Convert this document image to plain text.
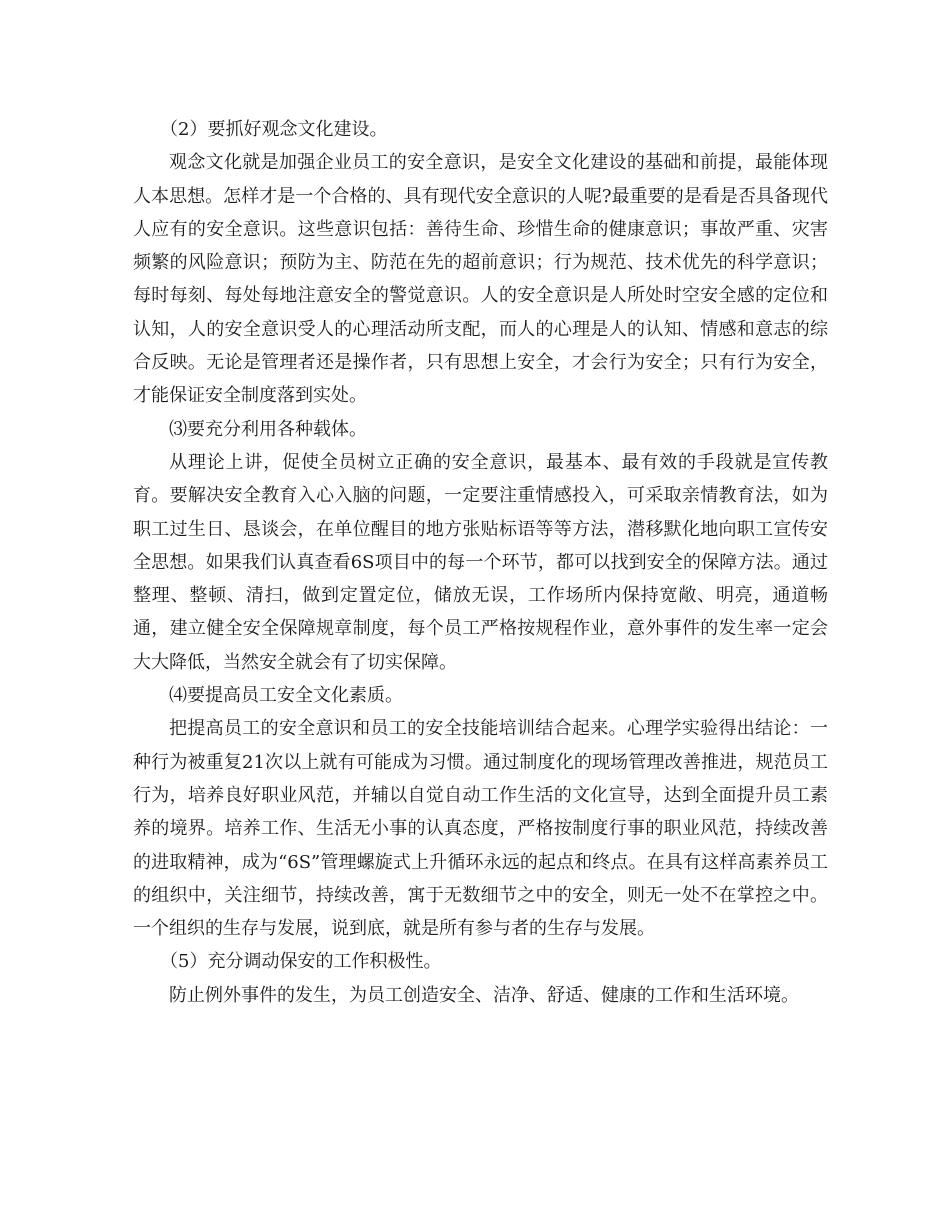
（2）要抓好观念文化建设。

观念文化就是加强企业员工的安全意识，是安全文化建设的基础和前提，最能体现人本思想。怎样才是一个合格的、具有现代安全意识的人呢?最重要的是看是否具备现代人应有的安全意识。这些意识包括：善待生命、珍惜生命的健康意识；事故严重、灾害频繁的风险意识；预防为主、防范在先的超前意识；行为规范、技术优先的科学意识；每时每刻、每处每地注意安全的警觉意识。人的安全意识是人所处时空安全感的定位和认知，人的安全意识受人的心理活动所支配，而人的心理是人的认知、情感和意志的综合反映。无论是管理者还是操作者，只有思想上安全，才会行为安全；只有行为安全，才能保证安全制度落到实处。

⑶要充分利用各种载体。

从理论上讲，促使全员树立正确的安全意识，最基本、最有效的手段就是宣传教育。要解决安全教育入心入脑的问题，一定要注重情感投入，可采取亲情教育法，如为职工过生日、恳谈会，在单位醒目的地方张贴标语等等方法，潜移默化地向职工宣传安全思想。如果我们认真查看6S项目中的每一个环节，都可以找到安全的保障方法。通过整理、整顿、清扫，做到定置定位，储放无误，工作场所内保持宽敞、明亮，通道畅通，建立健全安全保障规章制度，每个员工严格按规程作业，意外事件的发生率一定会大大降低，当然安全就会有了切实保障。

⑷要提高员工安全文化素质。

把提高员工的安全意识和员工的安全技能培训结合起来。心理学实验得出结论：一种行为被重复21次以上就有可能成为习惯。通过制度化的现场管理改善推进，规范员工行为，培养良好职业风范，并辅以自觉自动工作生活的文化宣导，达到全面提升员工素养的境界。培养工作、生活无小事的认真态度，严格按制度行事的职业风范，持续改善的进取精神，成为“6S”管理螺旋式上升循环永远的起点和终点。在具有这样高素养员工的组织中，关注细节，持续改善，寓于无数细节之中的安全，则无一处不在掌控之中。一个组织的生存与发展，说到底，就是所有参与者的生存与发展。

（5）充分调动保安的工作积极性。

防止例外事件的发生，为员工创造安全、洁净、舒适、健康的工作和生活环境。
